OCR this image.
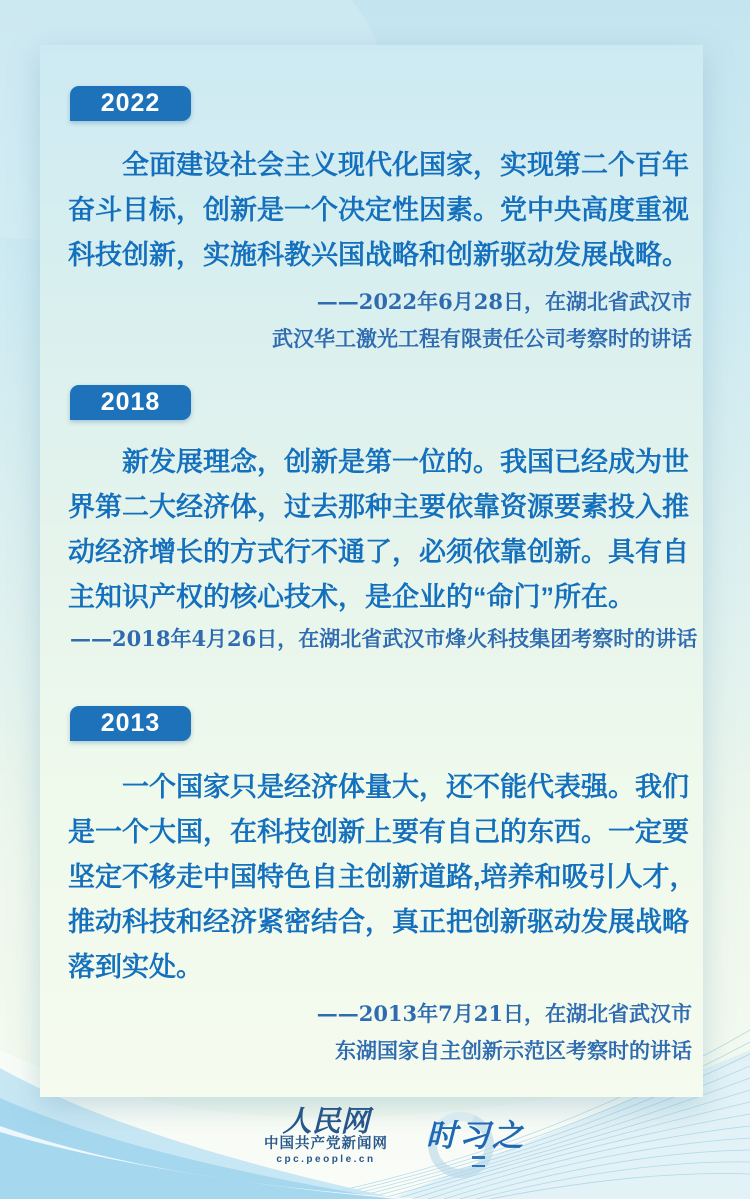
2022
全面建设社会主义现代化国家，实现第二个百年
奋斗目标，创新是一个决定性因素。党中央高度重视
科技创新，实施科教兴国战略和创新驱动发展战略。
——2022年6月28日，在湖北省武汉市
武汉华工激光工程有限责任公司考察时的讲话
2018
新发展理念，创新是第一位的。我国已经成为世
界第二大经济体，过去那种主要依靠资源要素投入推
动经济增长的方式行不通了，必须依靠创新。具有自
主知识产权的核心技术，是企业的“命门”所在。
——2018年4月26日，在湖北省武汉市烽火科技集团考察时的讲话
2013
一个国家只是经济体量大，还不能代表强。我们
是一个大国，在科技创新上要有自己的东西。一定要
坚定不移走中国特色自主创新道路,培养和吸引人才，
推动科技和经济紧密结合，真正把创新驱动发展战略
落到实处。
——2013年7月21日，在湖北省武汉市
东湖国家自主创新示范区考察时的讲话
人民网
中国共产党新闻网
cpc.people.cn
时习之
